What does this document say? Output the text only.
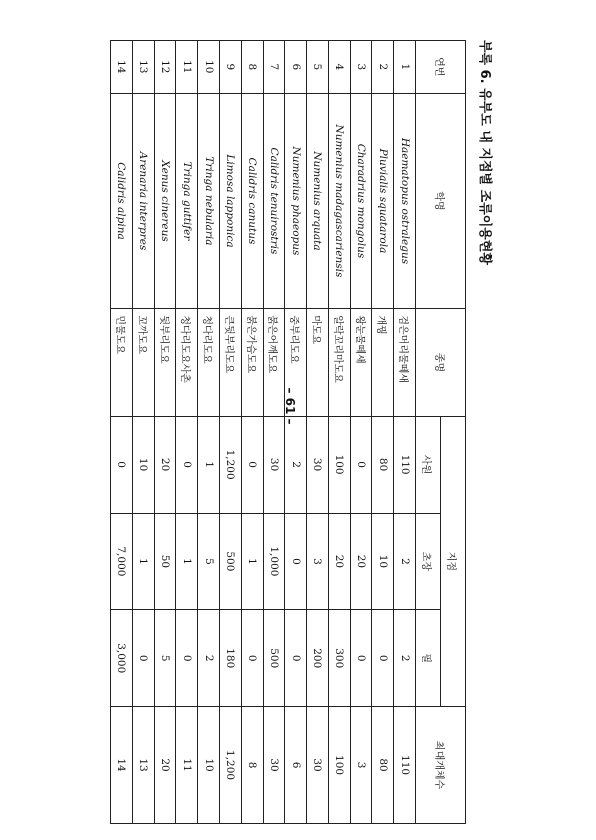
부록 6. 유부도 내 지점별 조류이용현황
연번	학명	종명	지점			최대개체수
			사원	초장	필	
1	Haematopus ostralegus	검은머리물떼새	110	2	2	110
2	Pluvialis squatarola	개꿩	80	10	0	80
3	Charadrius mongolus	왕눈물떼새	0	20	0	3
4	Numenius madagascariensis	알락꼬리마도요	100	20	300	100
5	Numenius arquata	마도요	30	3	200	30
6	Numenius phaeopus	중부리도요	2	0	0	6
7	Calidris tenuirostris	붉은어깨도요	30	1,000	500	30
8	Calidris canutus	붉은가슴도요	0	1	0	8
9	Limosa lapponica	큰뒷부리도요	1,200	500	180	1,200
10	Tringa nebularia	청다리도요	1	5	2	10
11	Tringa guttifer	청다리도요사촌	0	1	0	11
12	Xenus cinereus	뒷부리도요	20	50	5	20
13	Arenaria interpres	꼬까도요	10	1	0	13
14	Calidris alpina	민물도요	0	7,000	3,000	14
– 61 –
